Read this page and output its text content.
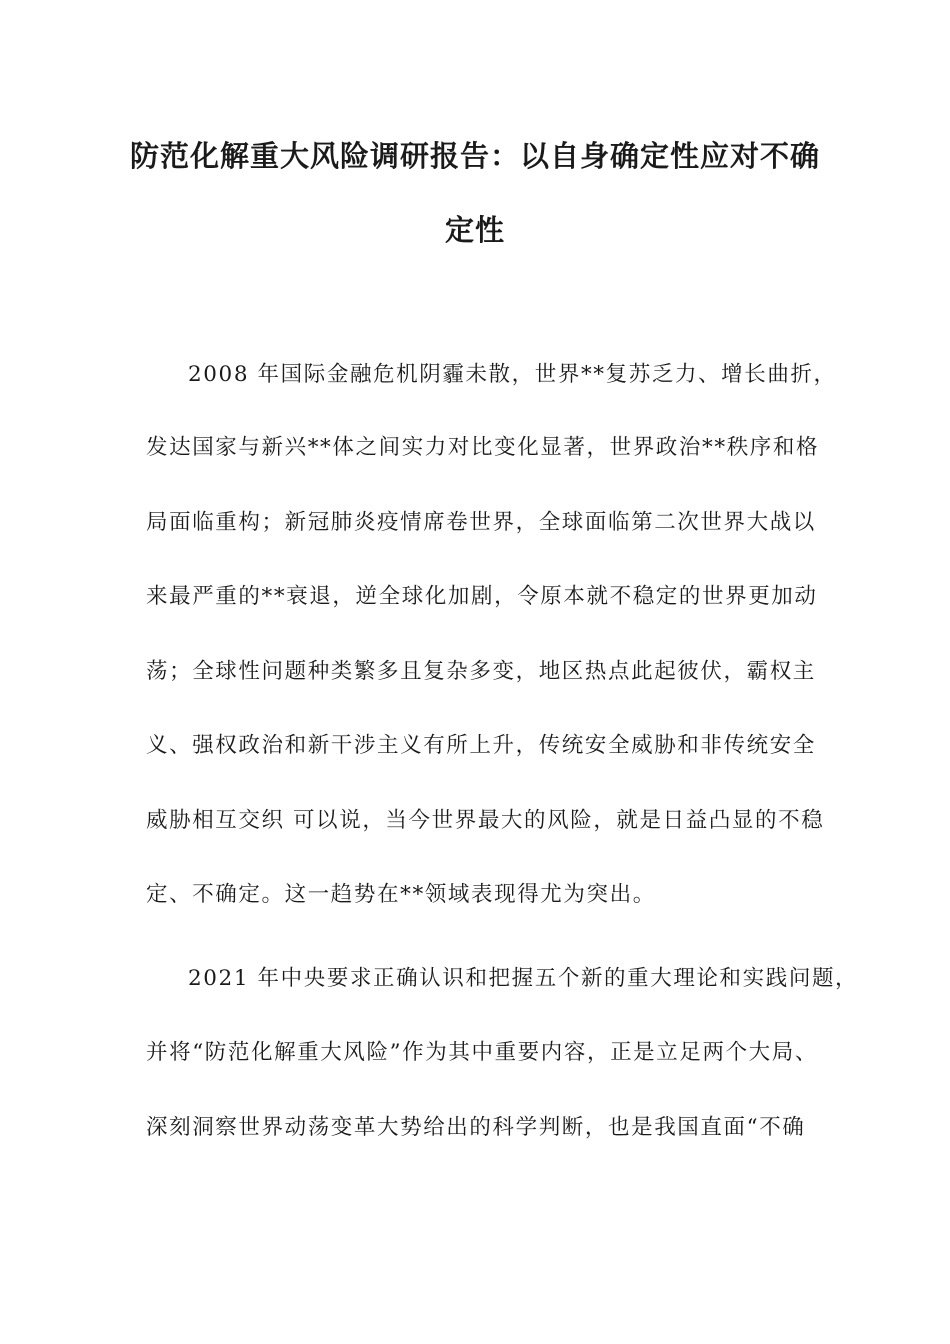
防范化解重大风险调研报告：以自身确定性应对不确
定性
2008 年国际金融危机阴霾未散，世界**复苏乏力、增长曲折，
发达国家与新兴**体之间实力对比变化显著，世界政治**秩序和格
局面临重构；新冠肺炎疫情席卷世界，全球面临第二次世界大战以
来最严重的**衰退，逆全球化加剧，令原本就不稳定的世界更加动
荡；全球性问题种类繁多且复杂多变，地区热点此起彼伏，霸权主
义、强权政治和新干涉主义有所上升，传统安全威胁和非传统安全
威胁相互交织 可以说，当今世界最大的风险，就是日益凸显的不稳
定、不确定。这一趋势在**领域表现得尤为突出。
2021 年中央要求正确认识和把握五个新的重大理论和实践问题，
并将“防范化解重大风险”作为其中重要内容，正是立足两个大局、
深刻洞察世界动荡变革大势给出的科学判断，也是我国直面“不确
